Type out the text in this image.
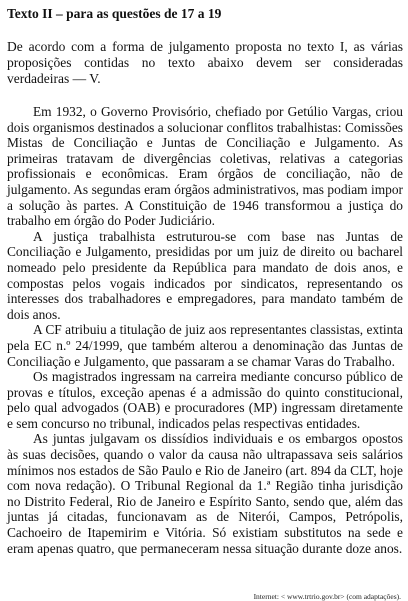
Texto II – para as questões de 17 a 19
De acordo com a forma de julgamento proposta no texto I, as várias proposições contidas no texto abaixo devem ser consideradas verdadeiras — V.

Em 1932, o Governo Provisório, chefiado por Getúlio Vargas, criou dois organismos destinados a solucionar conflitos trabalhistas: Comissões Mistas de Conciliação e Juntas de Conciliação e Julgamento. As primeiras tratavam de divergências coletivas, relativas a categorias profissionais e econômicas. Eram órgãos de conciliação, não de julgamento. As segundas eram órgãos administrativos, mas podiam impor a solução às partes. A Constituição de 1946 transformou a justiça do trabalho em órgão do Poder Judiciário.

A justiça trabalhista estruturou-se com base nas Juntas de Conciliação e Julgamento, presididas por um juiz de direito ou bacharel nomeado pelo presidente da República para mandato de dois anos, e compostas pelos vogais indicados por sindicatos, representando os interesses dos trabalhadores e empregadores, para mandato também de dois anos.

A CF atribuiu a titulação de juiz aos representantes classistas, extinta pela EC n.º 24/1999, que também alterou a denominação das Juntas de Conciliação e Julgamento, que passaram a se chamar Varas do Trabalho.

Os magistrados ingressam na carreira mediante concurso público de provas e títulos, exceção apenas é a admissão do quinto constitucional, pelo qual advogados (OAB) e procuradores (MP) ingressam diretamente e sem concurso no tribunal, indicados pelas respectivas entidades.

As juntas julgavam os dissídios individuais e os embargos opostos às suas decisões, quando o valor da causa não ultrapassava seis salários mínimos nos estados de São Paulo e Rio de Janeiro (art. 894 da CLT, hoje com nova redação). O Tribunal Regional da 1.ª Região tinha jurisdição no Distrito Federal, Rio de Janeiro e Espírito Santo, sendo que, além das juntas já citadas, funcionavam as de Niterói, Campos, Petrópolis, Cachoeiro de Itapemirim e Vitória. Só existiam substitutos na sede e eram apenas quatro, que permaneceram nessa situação durante doze anos.

Internet: < www.trtrio.gov.br> (com adaptações).
